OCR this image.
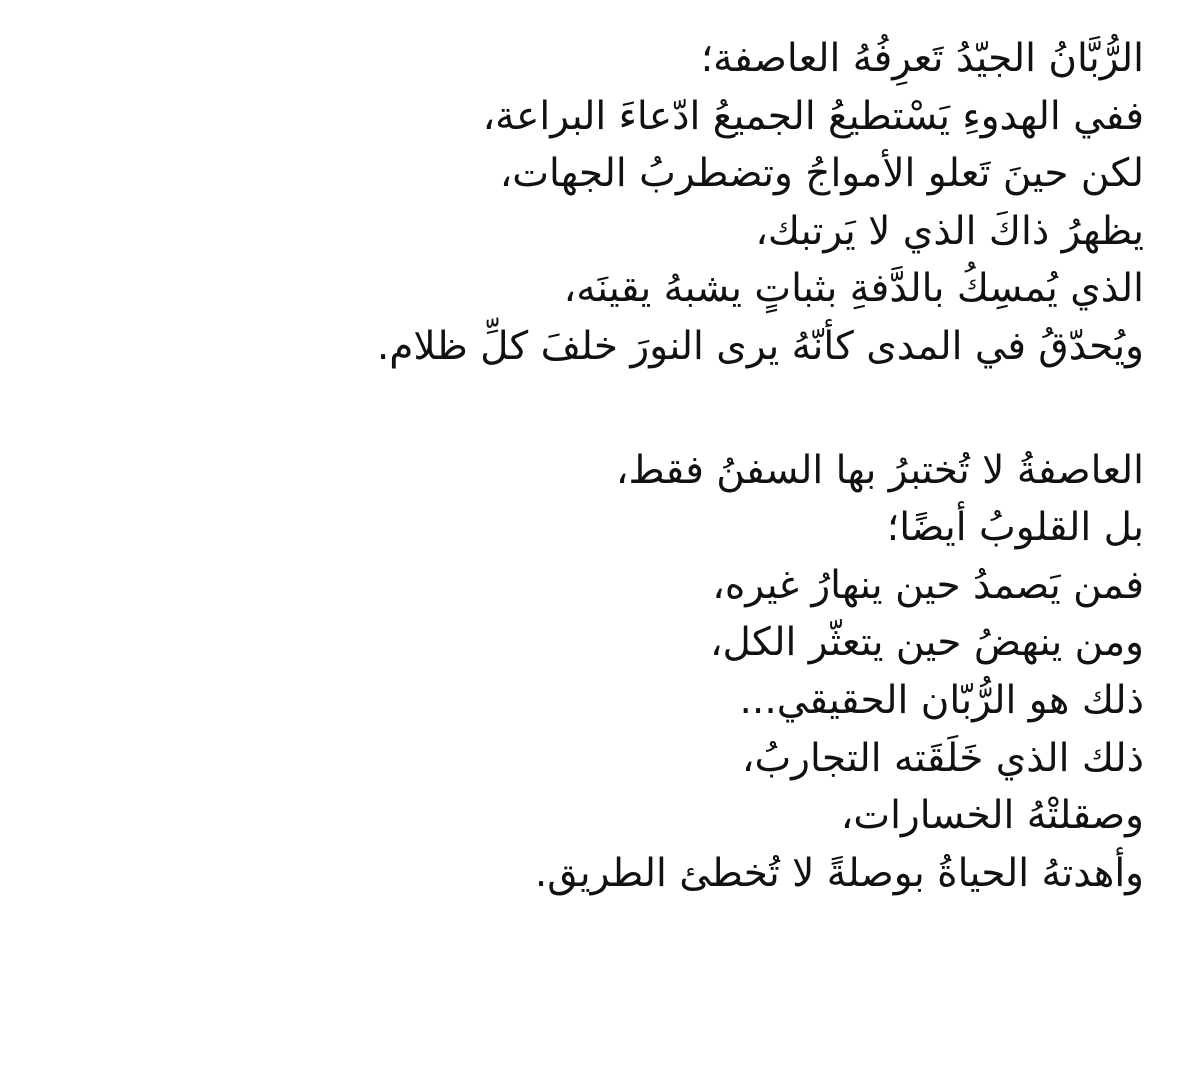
الرُّبَّانُ الجيّدُ تَعرِفُهُ العاصفة؛
ففي الهدوءِ يَسْتطيعُ الجميعُ ادّعاءَ البراعة،
لكن حينَ تَعلو الأمواجُ وتضطربُ الجهات،
يظهرُ ذاكَ الذي لا يَرتبك،
الذي يُمسِكُ بالدَّفةِ بثباتٍ يشبهُ يقينَه،
ويُحدّقُ في المدى كأنّهُ يرى النورَ خلفَ كلِّ ظلام.
العاصفةُ لا تُختبرُ بها السفنُ فقط،
بل القلوبُ أيضًا؛
فمن يَصمدُ حين ينهارُ غيره،
ومن ينهضُ حين يتعثّر الكل،
ذلك هو الرُّبّان الحقيقي...
ذلك الذي خَلَقَته التجاربُ،
وصقلتْهُ الخسارات،
وأهدتهُ الحياةُ بوصلةً لا تُخطئ الطريق.
